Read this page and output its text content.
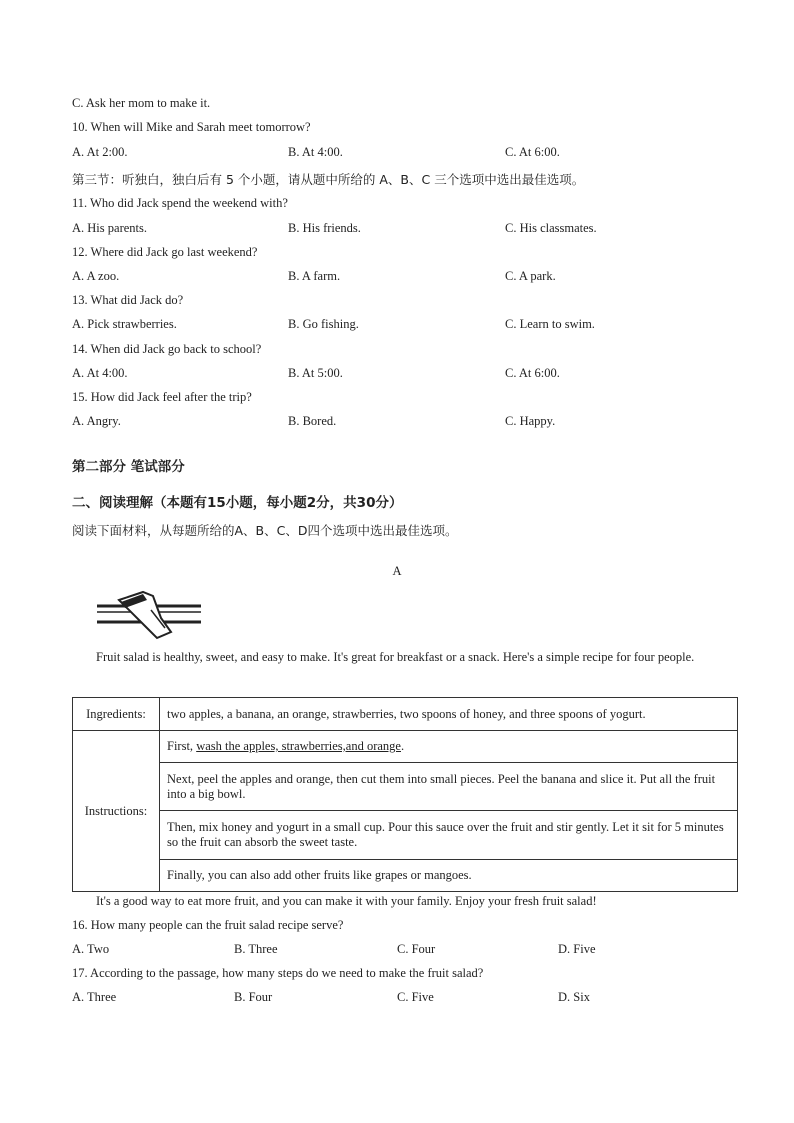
C. Ask her mom to make it.
10. When will Mike and Sarah meet tomorrow?
A. At 2:00.	B. At 4:00.	C. At 6:00.
第三节：听独白，独白后有 5 个小题，请从题中所给的 A、B、C 三个选项中选出最佳选项。
11. Who did Jack spend the weekend with?
A. His parents.	B. His friends.	C. His classmates.
12. Where did Jack go last weekend?
A. A zoo.	B. A farm.	C. A park.
13. What did Jack do?
A. Pick strawberries.	B. Go fishing.	C. Learn to swim.
14. When did Jack go back to school?
A. At 4:00.	B. At 5:00.	C. At 6:00.
15. How did Jack feel after the trip?
A. Angry.	B. Bored.	C. Happy.
第二部分 笔试部分
二、阅读理解（本题有15小题，每小题2分，共30分）
阅读下面材料，从每题所给的A、B、C、D四个选项中选出最佳选项。
A
Fruit salad is healthy, sweet, and easy to make. It's great for breakfast or a snack. Here's a simple recipe for four people.
Ingredients:	two apples, a banana, an orange, strawberries, two spoons of honey, and three spoons of yogurt.
Instructions:	First, wash the apples, strawberries,and orange.
	Next, peel the apples and orange, then cut them into small pieces. Peel the banana and slice it. Put all the fruit into a big bowl.
	Then, mix honey and yogurt in a small cup. Pour this sauce over the fruit and stir gently. Let it sit for 5 minutes so the fruit can absorb the sweet taste.
	Finally, you can also add other fruits like grapes or mangoes.
It's a good way to eat more fruit, and you can make it with your family. Enjoy your fresh fruit salad!
16. How many people can the fruit salad recipe serve?
A. Two	B. Three	C. Four	D. Five
17. According to the passage, how many steps do we need to make the fruit salad?
A. Three	B. Four	C. Five	D. Six
